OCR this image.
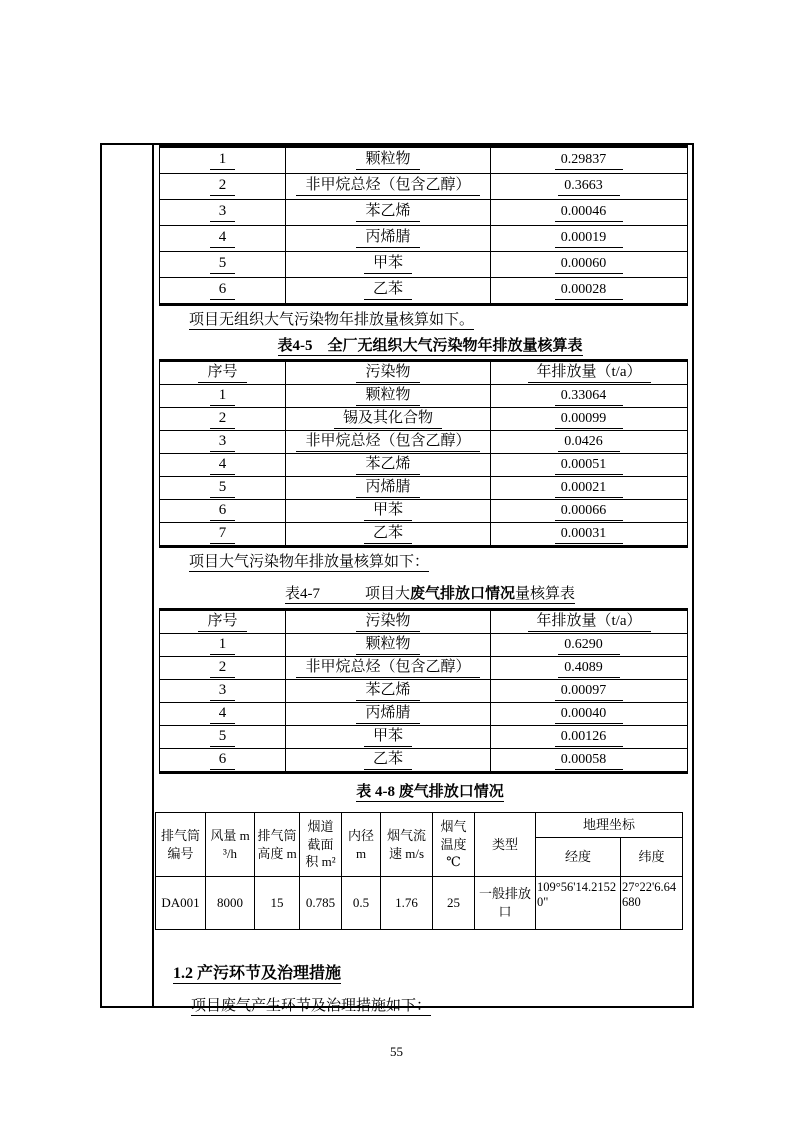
1	颗粒物	0.29837
2	非甲烷总烃（包含乙醇）	0.3663
3	苯乙烯	0.00046
4	丙烯腈	0.00019
5	甲苯	0.00060
6	乙苯	0.00028

项目无组织大气污染物年排放量核算如下。

表4-5　全厂无组织大气污染物年排放量核算表
序号	污染物	年排放量（t/a）
1	颗粒物	0.33064
2	锡及其化合物	0.00099
3	非甲烷总烃（包含乙醇）	0.0426
4	苯乙烯	0.00051
5	丙烯腈	0.00021
6	甲苯	0.00066
7	乙苯	0.00031

项目大气污染物年排放量核算如下：

表4-7　　　项目大废气排放口情况量核算表
序号	污染物	年排放量（t/a）
1	颗粒物	0.6290
2	非甲烷总烃（包含乙醇）	0.4089
3	苯乙烯	0.00097
4	丙烯腈	0.00040
5	甲苯	0.00126
6	乙苯	0.00058
表 4-8 废气排放口情况
排气筒编号	风量 m³/h	排气筒高度 m	烟道截面积 m²	内径 m	烟气流速 m/s	烟气温度 ℃	类型	地理坐标	
								经度	纬度
DA001	8000	15	0.785	0.5	1.76	25	一般排放口	109°56'14.21520"	27°22'6.64680
1.2 产污环节及治理措施

项目废气产生环节及治理措施如下：

55
